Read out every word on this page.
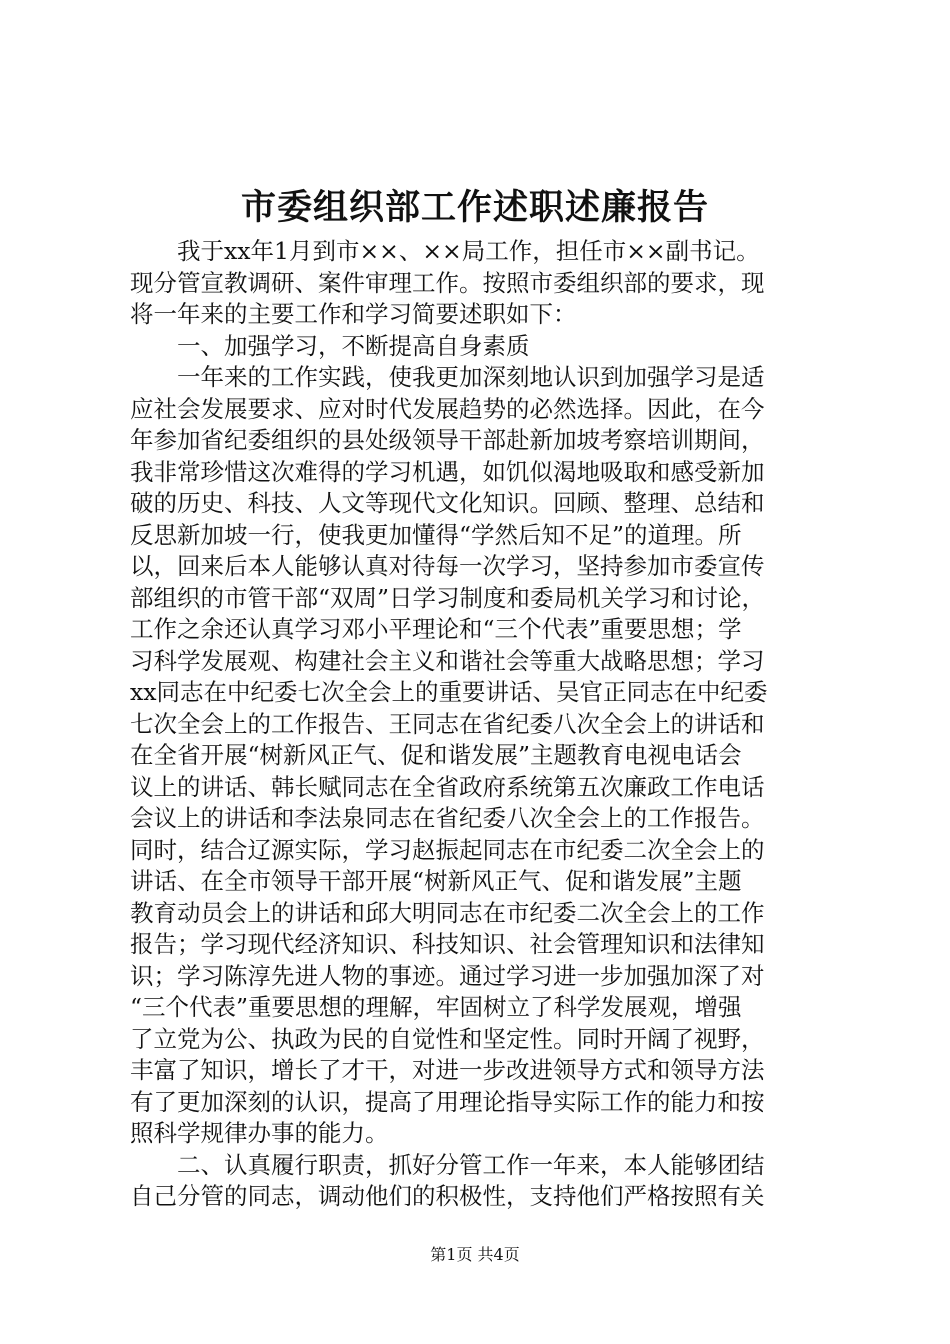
市委组织部工作述职述廉报告
　　我于xx年1月到市××、××局工作，担任市××副书记。
现分管宣教调研、案件审理工作。按照市委组织部的要求，现
将一年来的主要工作和学习简要述职如下：
　　一、加强学习，不断提高自身素质
　　一年来的工作实践，使我更加深刻地认识到加强学习是适
应社会发展要求、应对时代发展趋势的必然选择。因此，在今
年参加省纪委组织的县处级领导干部赴新加坡考察培训期间，
我非常珍惜这次难得的学习机遇，如饥似渴地吸取和感受新加
破的历史、科技、人文等现代文化知识。回顾、整理、总结和
反思新加坡一行，使我更加懂得“学然后知不足”的道理。所
以，回来后本人能够认真对待每一次学习，坚持参加市委宣传
部组织的市管干部“双周”日学习制度和委局机关学习和讨论，
工作之余还认真学习邓小平理论和“三个代表”重要思想；学
习科学发展观、构建社会主义和谐社会等重大战略思想；学习
xx同志在中纪委七次全会上的重要讲话、吴官正同志在中纪委
七次全会上的工作报告、王同志在省纪委八次全会上的讲话和
在全省开展“树新风正气、促和谐发展”主题教育电视电话会
议上的讲话、韩长赋同志在全省政府系统第五次廉政工作电话
会议上的讲话和李法泉同志在省纪委八次全会上的工作报告。
同时，结合辽源实际，学习赵振起同志在市纪委二次全会上的
讲话、在全市领导干部开展“树新风正气、促和谐发展”主题
教育动员会上的讲话和邱大明同志在市纪委二次全会上的工作
报告；学习现代经济知识、科技知识、社会管理知识和法律知
识；学习陈淳先进人物的事迹。通过学习进一步加强加深了对
“三个代表”重要思想的理解，牢固树立了科学发展观，增强
了立党为公、执政为民的自觉性和坚定性。同时开阔了视野，
丰富了知识，增长了才干，对进一步改进领导方式和领导方法
有了更加深刻的认识，提高了用理论指导实际工作的能力和按
照科学规律办事的能力。
　　二、认真履行职责，抓好分管工作一年来，本人能够团结
自己分管的同志，调动他们的积极性，支持他们严格按照有关
第1页 共4页
